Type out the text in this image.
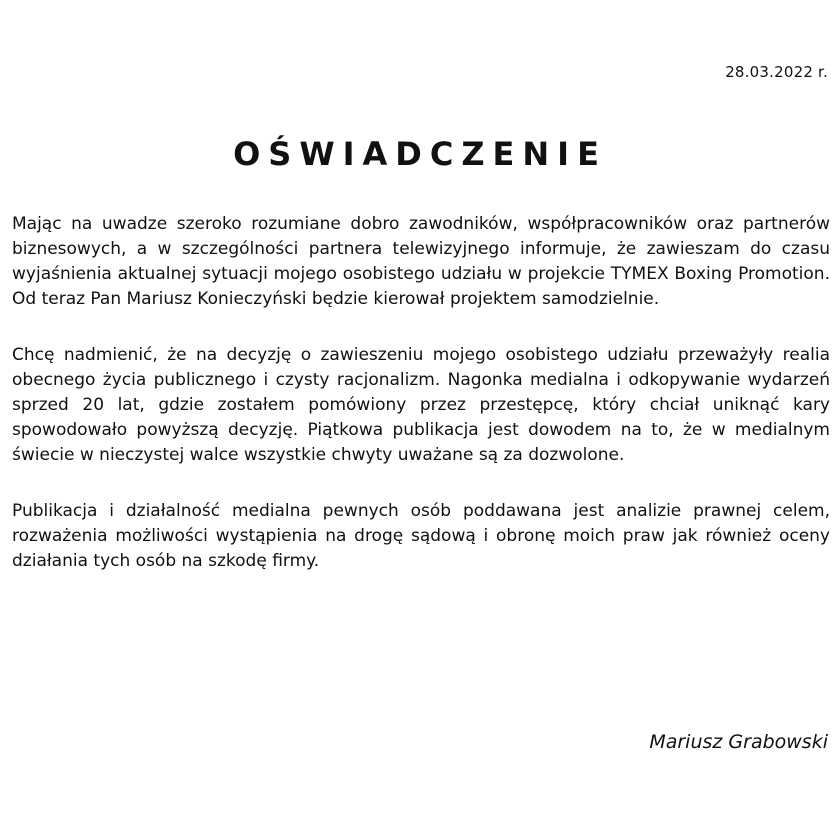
28.03.2022 r.
OŚWIADCZENIE

Mając na uwadze szeroko rozumiane dobro zawodników, współpracowników oraz partnerów biznesowych, a w szczególności partnera telewizyjnego informuje, że zawieszam do czasu wyjaśnienia aktualnej sytuacji mojego osobistego udziału w projekcie TYMEX Boxing Promotion. Od teraz Pan Mariusz Konieczyński będzie kierował projektem samodzielnie.

Chcę nadmienić, że na decyzję o zawieszeniu mojego osobistego udziału przeważyły realia obecnego życia publicznego i czysty racjonalizm. Nagonka medialna i odkopywanie wydarzeń sprzed 20 lat, gdzie zostałem pomówiony przez przestępcę, który chciał uniknąć kary spowodowało powyższą decyzję. Piątkowa publikacja jest dowodem na to, że w medialnym świecie w nieczystej walce wszystkie chwyty uważane są za dozwolone.

Publikacja i działalność medialna pewnych osób poddawana jest analizie prawnej celem, rozważenia możliwości wystąpienia na drogę sądową i obronę moich praw jak również oceny działania tych osób na szkodę firmy.

Mariusz Grabowski
